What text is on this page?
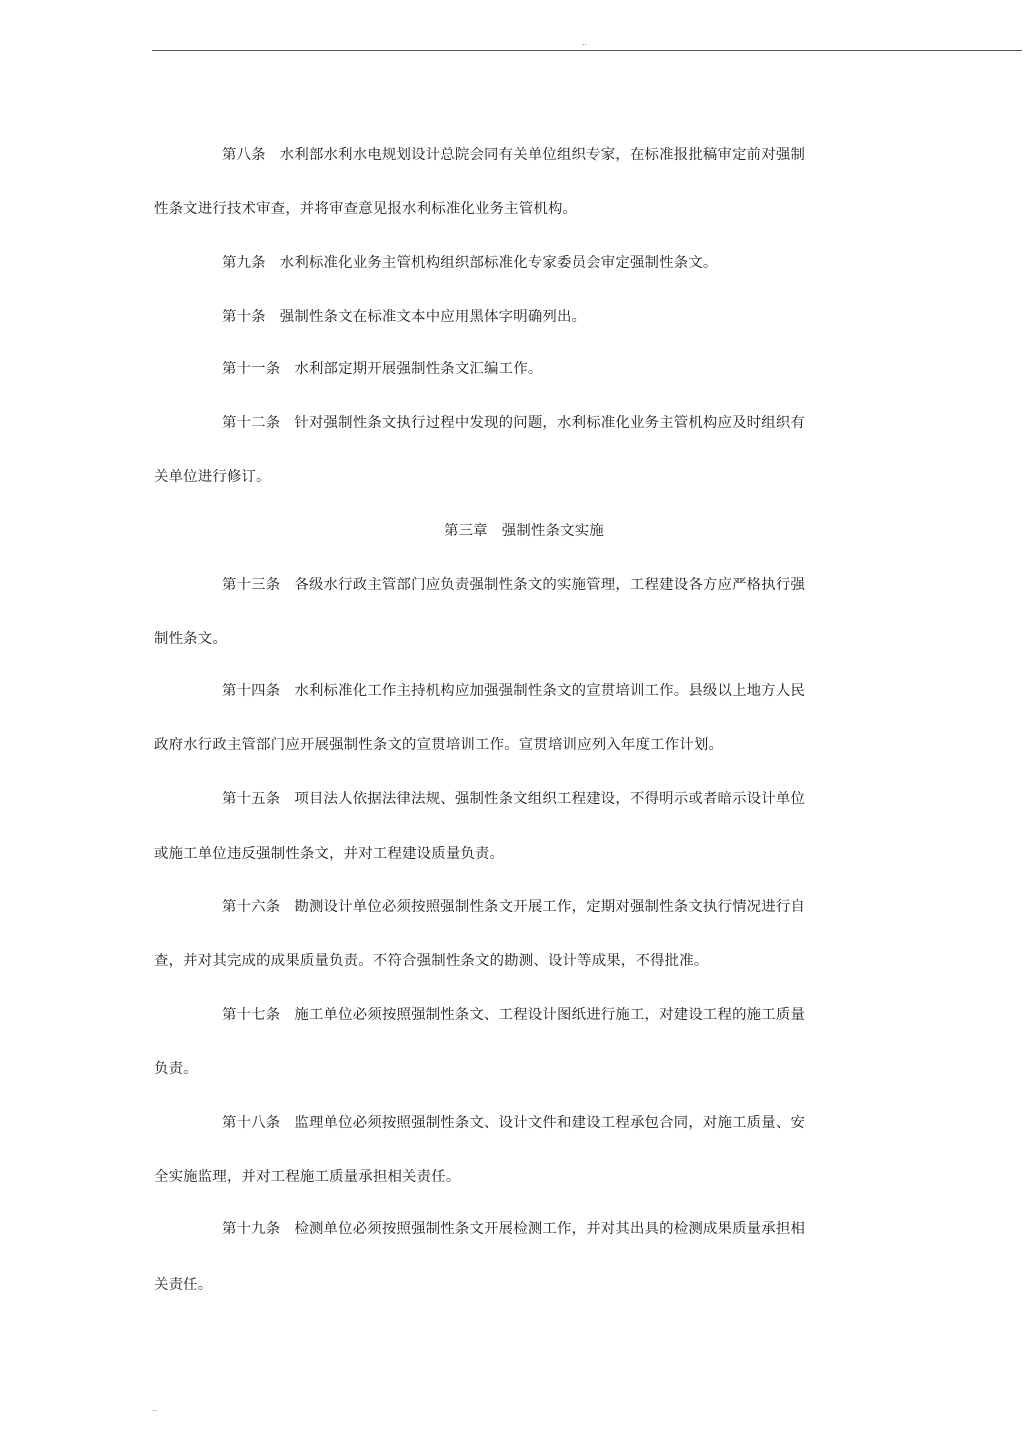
..
第八条 水利部水利水电规划设计总院会同有关单位组织专家，在标准报批稿审定前对强制
性条文进行技术审查，并将审查意见报水利标准化业务主管机构。
第九条 水利标准化业务主管机构组织部标准化专家委员会审定强制性条文。
第十条 强制性条文在标准文本中应用黑体字明确列出。
第十一条 水利部定期开展强制性条文汇编工作。
第十二条 针对强制性条文执行过程中发现的问题，水利标准化业务主管机构应及时组织有
关单位进行修订。
第三章 强制性条文实施
第十三条 各级水行政主管部门应负责强制性条文的实施管理，工程建设各方应严格执行强
制性条文。
第十四条 水利标准化工作主持机构应加强强制性条文的宣贯培训工作。县级以上地方人民
政府水行政主管部门应开展强制性条文的宣贯培训工作。宣贯培训应列入年度工作计划。
第十五条 项目法人依据法律法规、强制性条文组织工程建设，不得明示或者暗示设计单位
或施工单位违反强制性条文，并对工程建设质量负责。
第十六条 勘测设计单位必须按照强制性条文开展工作，定期对强制性条文执行情况进行自
查，并对其完成的成果质量负责。不符合强制性条文的勘测、设计等成果，不得批准。
第十七条 施工单位必须按照强制性条文、工程设计图纸进行施工，对建设工程的施工质量
负责。
第十八条 监理单位必须按照强制性条文、设计文件和建设工程承包合同，对施工质量、安
全实施监理，并对工程施工质量承担相关责任。
第十九条 检测单位必须按照强制性条文开展检测工作，并对其出具的检测成果质量承担相
关责任。
..
